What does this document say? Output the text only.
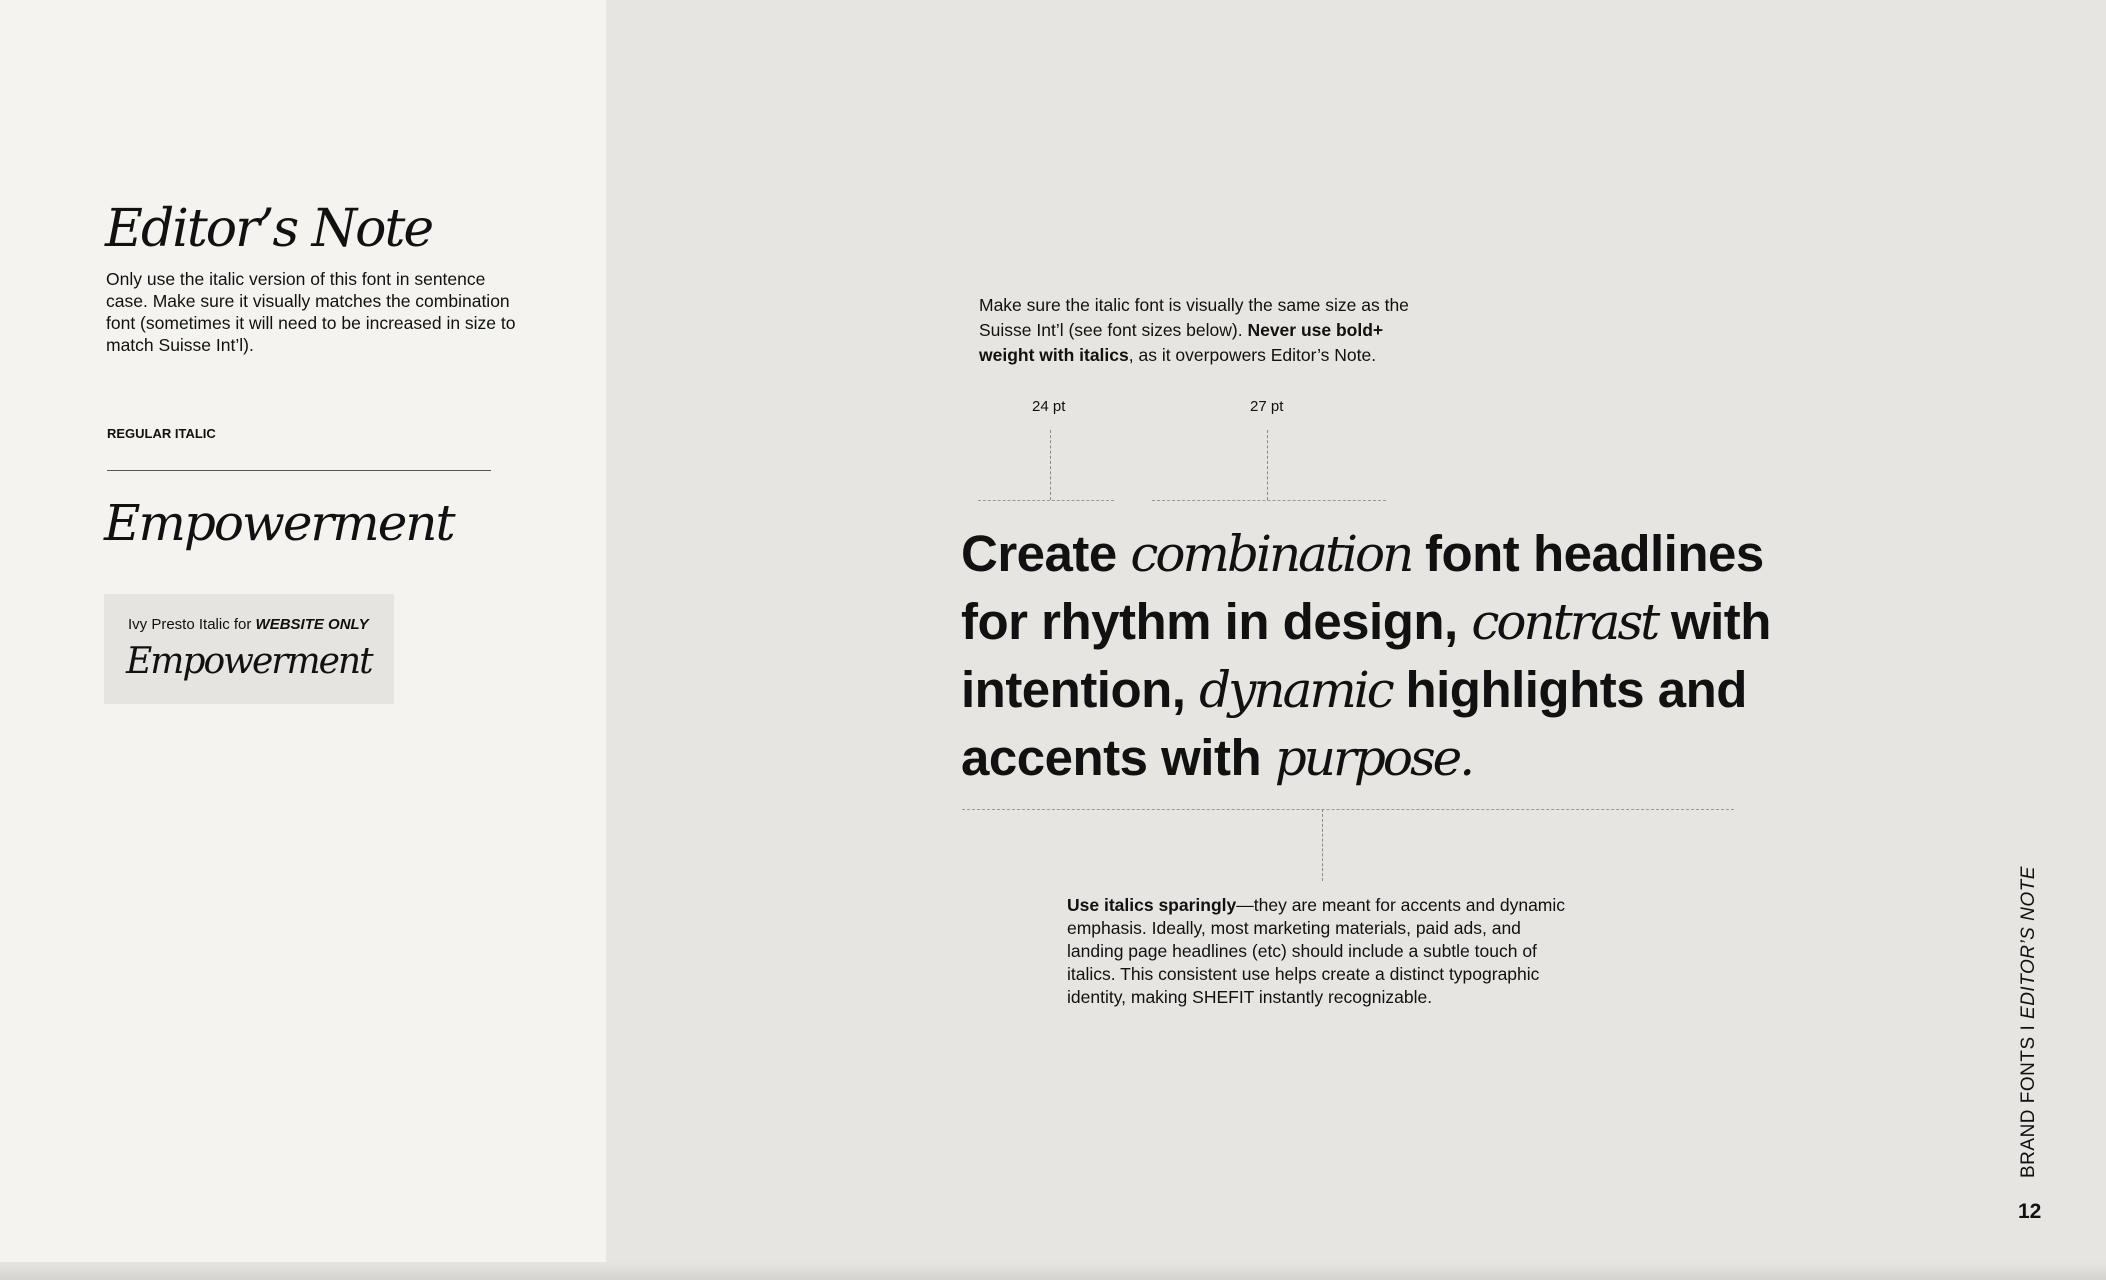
Editor’s Note

Only use the italic version of this font in sentence case. Make sure it visually matches the combination font (sometimes it will need to be increased in size to match Suisse Int’l).

REGULAR ITALIC

Empowerment

Ivy Presto Italic for WEBSITE ONLY

Empowerment

Make sure the italic font is visually the same size as the Suisse Int’l (see font sizes below). Never use bold+ weight with italics, as it overpowers Editor’s Note.

24 pt	27 pt

Create combination font headlines for rhythm in design, contrast with intention, dynamic highlights and accents with purpose.

Use italics sparingly—they are meant for accents and dynamic emphasis. Ideally, most marketing materials, paid ads, and landing page headlines (etc) should include a subtle touch of italics. This consistent use helps create a distinct typographic identity, making SHEFIT instantly recognizable.

BRAND FONTS I EDITOR’S NOTE

12
